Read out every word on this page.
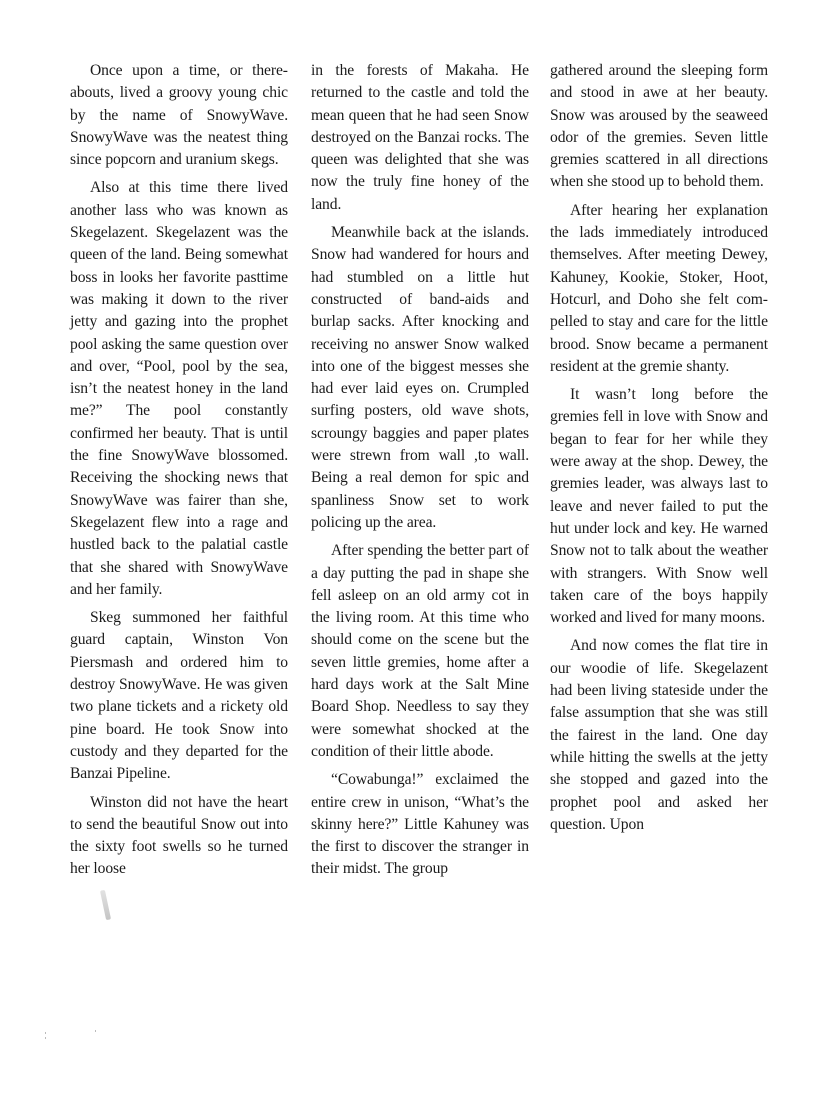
Once upon a time, or thereabouts, lived a groovy young chic by the name of SnowyWave. SnowyWave was the neatest thing since popcorn and uranium skegs.

Also at this time there lived another lass who was known as Skegelazent. Skegelazent was the queen of the land. Being somewhat boss in looks her favorite pasttime was making it down to the river jetty and gazing into the prophet pool asking the same question over and over, “Pool, pool by the sea, isn’t the neatest honey in the land me?” The pool constantly confirmed her beauty. That is until the fine SnowyWave blossomed. Receiving the shocking news that SnowyWave was fairer than she, Skegelazent flew into a rage and hustled back to the palatial castle that she shared with SnowyWave and her family.

Skeg summoned her faithful guard captain, Winston Von Piersmash and ordered him to destroy SnowyWave. He was given two plane tickets and a rickety old pine board. He took Snow into custody and they departed for the Banzai Pipeline.

Winston did not have the heart to send the beautiful Snow out into the sixty foot swells so he turned her loose

in the forests of Makaha. He returned to the castle and told the mean queen that he had seen Snow destroyed on the Banzai rocks. The queen was delighted that she was now the truly fine honey of the land.

Meanwhile back at the islands. Snow had wandered for hours and had stumbled on a little hut constructed of band-aids and burlap sacks. After knocking and receiving no answer Snow walked into one of the biggest messes she had ever laid eyes on. Crumpled surfing posters, old wave shots, scroungy baggies and paper plates were strewn from wall ,to wall. Being a real demon for spic and spanliness Snow set to work policing up the area.

After spending the better part of a day putting the pad in shape she fell asleep on an old army cot in the living room. At this time who should come on the scene but the seven little gremies, home after a hard days work at the Salt Mine Board Shop. Needless to say they were somewhat shocked at the condition of their little abode.

“Cowabunga!” exclaimed the entire crew in unison, “What’s the skinny here?” Little Kahuney was the first to discover the stranger in their midst. The group

gathered around the sleeping form and stood in awe at her beauty. Snow was aroused by the seaweed odor of the gremies. Seven little gremies scattered in all directions when she stood up to behold them.

After hearing her explanation the lads immediately introduced themselves. After meeting Dewey, Kahuney, Kookie, Stoker, Hoot, Hotcurl, and Doho she felt compelled to stay and care for the little brood. Snow became a permanent resident at the gremie shanty.

It wasn’t long before the gremies fell in love with Snow and began to fear for her while they were away at the shop. Dewey, the gremies leader, was always last to leave and never failed to put the hut under lock and key. He warned Snow not to talk about the weather with strangers. With Snow well taken care of the boys happily worked and lived for many moons.

And now comes the flat tire in our woodie of life. Skegelazent had been living stateside under the false assumption that she was still the fairest in the land. One day while hitting the swells at the jetty she stopped and gazed into the prophet pool and asked her question. Upon
